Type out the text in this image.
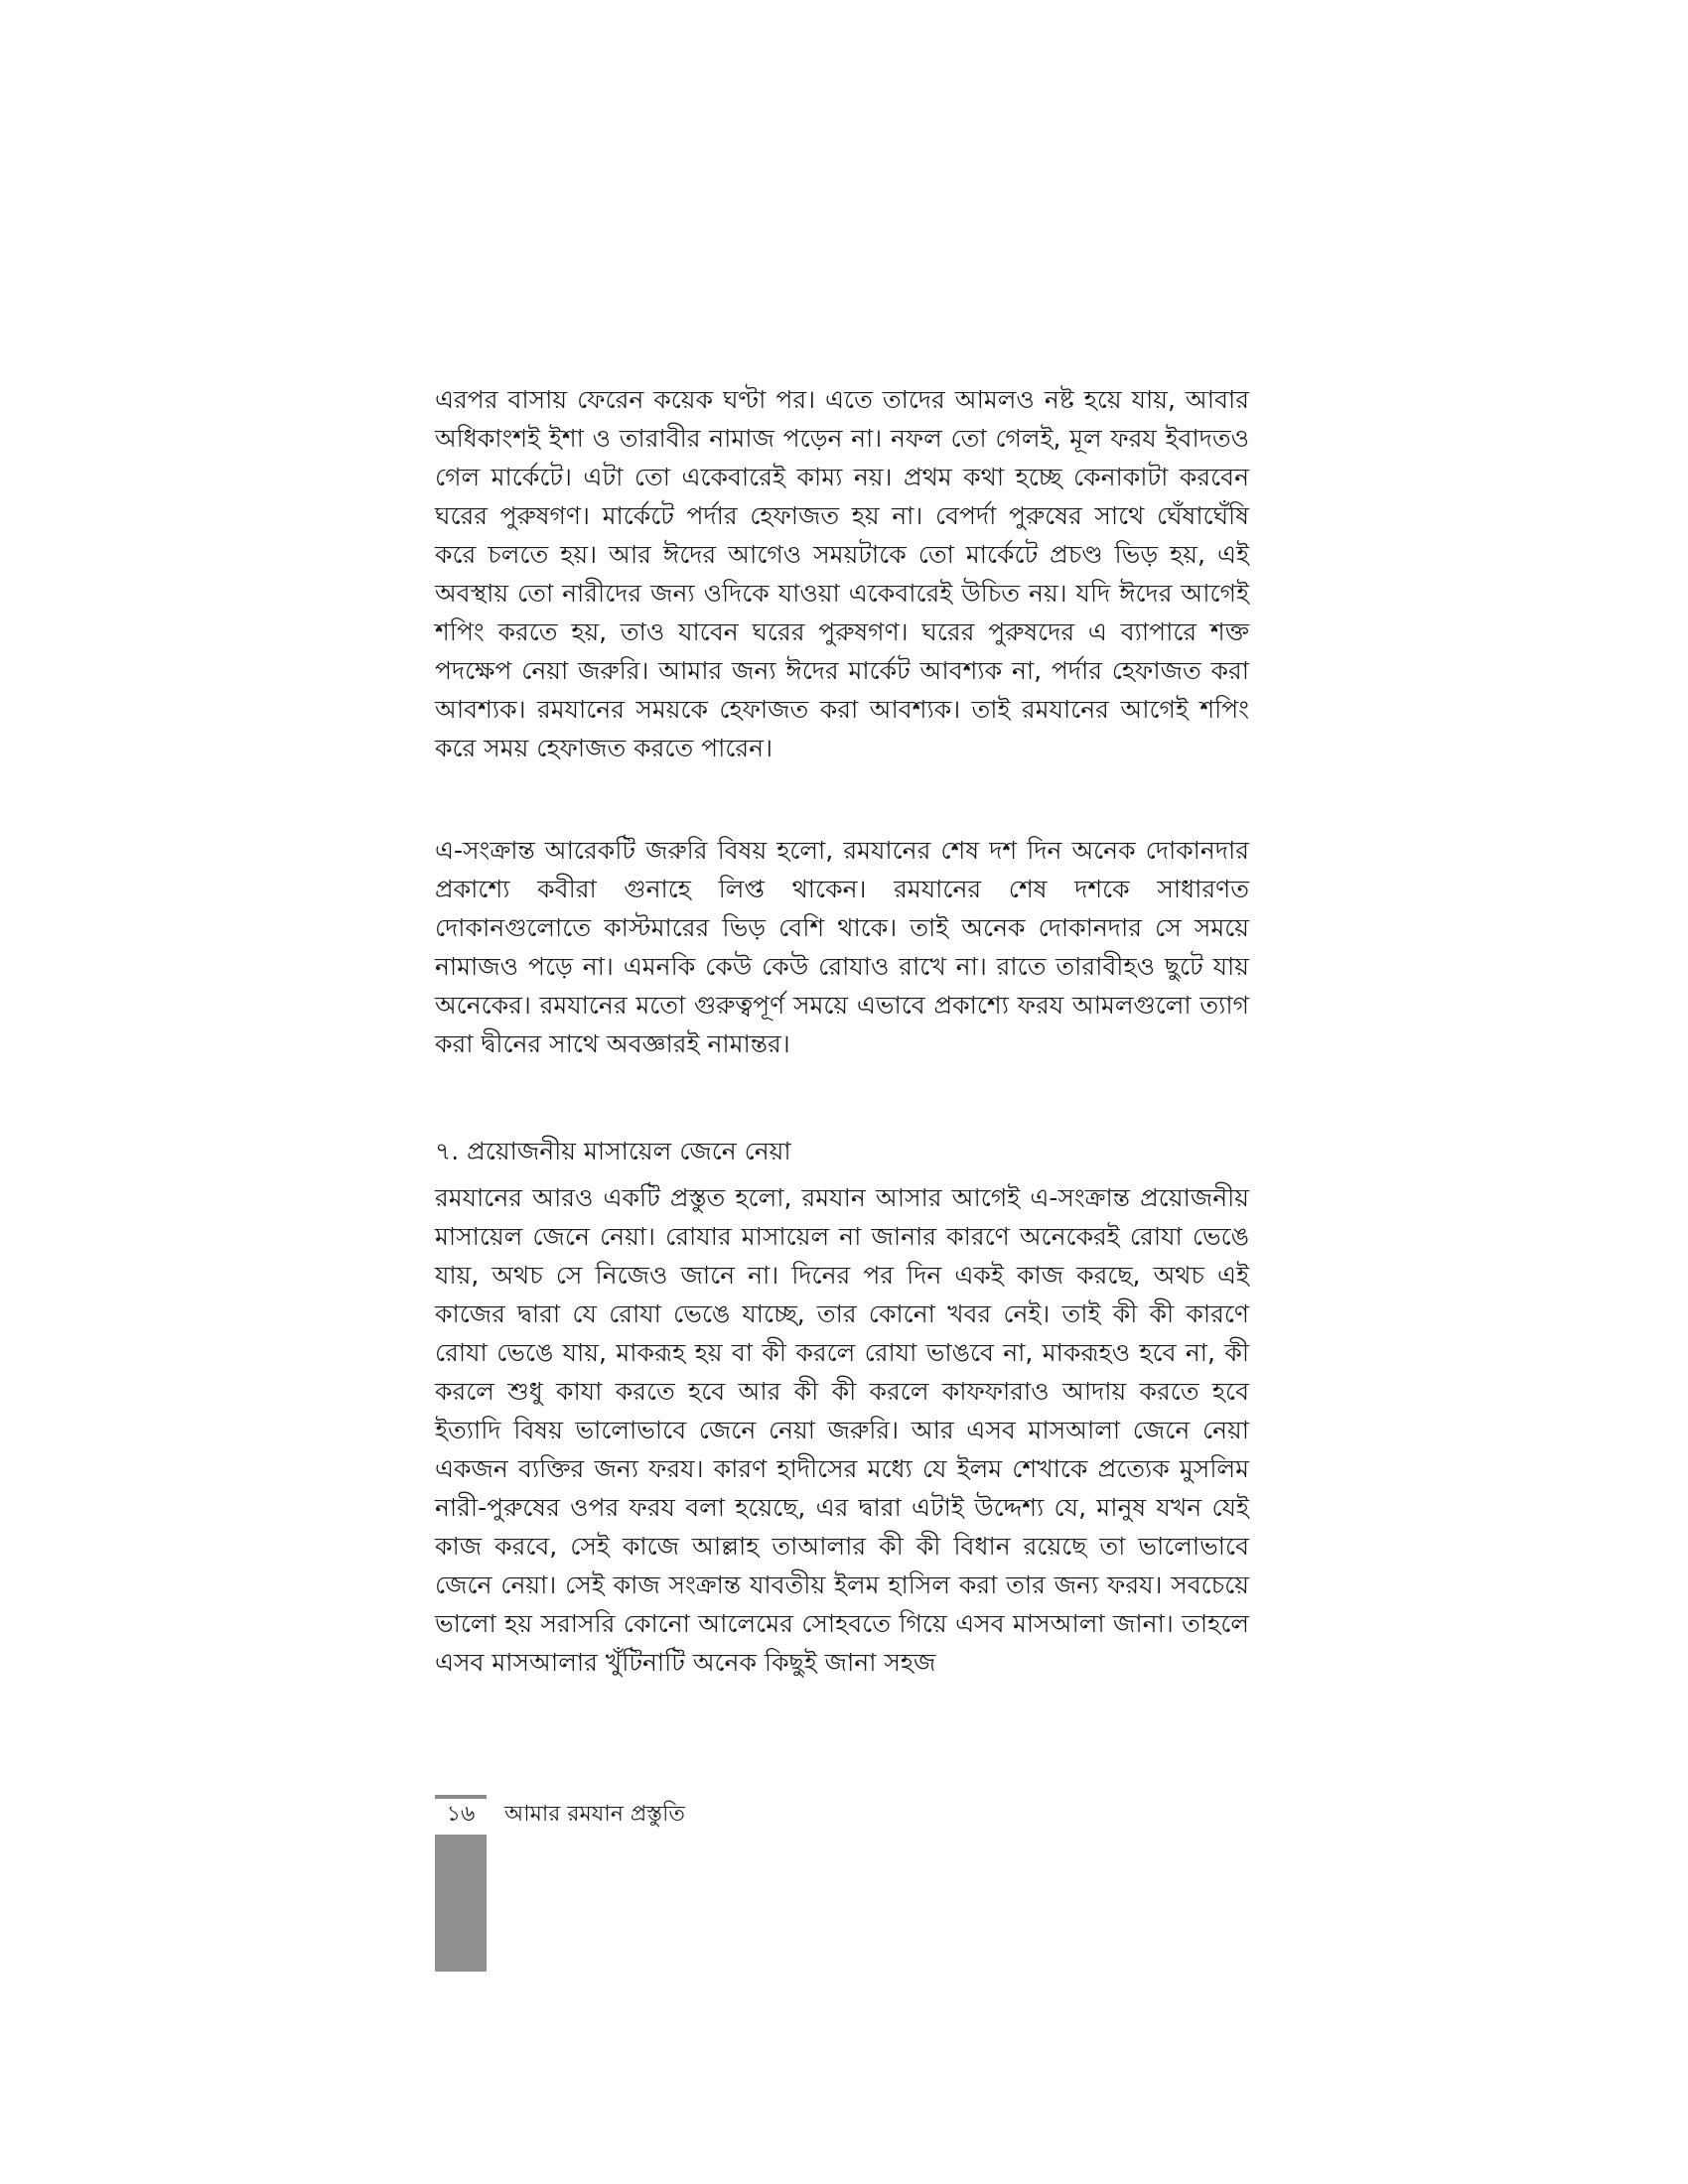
এরপর বাসায় ফেরেন কয়েক ঘণ্টা পর। এতে তাদের আমলও নষ্ট হয়ে যায়, আবার অধিকাংশই ইশা ও তারাবীর নামাজ পড়েন না। নফল তো গেলই, মূল ফরয ইবাদতও গেল মার্কেটে। এটা তো একেবারেই কাম্য নয়। প্রথম কথা হচ্ছে কেনাকাটা করবেন ঘরের পুরুষগণ। মার্কেটে পর্দার হেফাজত হয় না। বেপর্দা পুরুষের সাথে ঘেঁষাঘেঁষি করে চলতে হয়। আর ঈদের আগেও সময়টাকে তো মার্কেটে প্রচণ্ড ভিড় হয়, এই অবস্থায় তো নারীদের জন্য ওদিকে যাওয়া একেবারেই উচিত নয়। যদি ঈদের আগেই শপিং করতে হয়, তাও যাবেন ঘরের পুরুষগণ। ঘরের পুরুষদের এ ব্যাপারে শক্ত পদক্ষেপ নেয়া জরুরি। আমার জন্য ঈদের মার্কেট আবশ্যক না, পর্দার হেফাজত করা আবশ্যক। রমযানের সময়কে হেফাজত করা আবশ্যক। তাই রমযানের আগেই শপিং করে সময় হেফাজত করতে পারেন।

এ-সংক্রান্ত আরেকটি জরুরি বিষয় হলো, রমযানের শেষ দশ দিন অনেক দোকানদার প্রকাশ্যে কবীরা গুনাহে লিপ্ত থাকেন। রমযানের শেষ দশকে সাধারণত দোকানগুলোতে কাস্টমারের ভিড় বেশি থাকে। তাই অনেক দোকানদার সে সময়ে নামাজও পড়ে না। এমনকি কেউ কেউ রোযাও রাখে না। রাতে তারাবীহও ছুটে যায় অনেকের। রমযানের মতো গুরুত্বপূর্ণ সময়ে এভাবে প্রকাশ্যে ফরয আমলগুলো ত্যাগ করা দ্বীনের সাথে অবজ্ঞারই নামান্তর।

৭. প্রয়োজনীয় মাসায়েল জেনে নেয়া

রমযানের আরও একটি প্রস্তুত হলো, রমযান আসার আগেই এ-সংক্রান্ত প্রয়োজনীয় মাসায়েল জেনে নেয়া। রোযার মাসায়েল না জানার কারণে অনেকেরই রোযা ভেঙে যায়, অথচ সে নিজেও জানে না। দিনের পর দিন একই কাজ করছে, অথচ এই কাজের দ্বারা যে রোযা ভেঙে যাচ্ছে, তার কোনো খবর নেই। তাই কী কী কারণে রোযা ভেঙে যায়, মাকরূহ হয় বা কী করলে রোযা ভাঙবে না, মাকরূহও হবে না, কী করলে শুধু কাযা করতে হবে আর কী কী করলে কাফফারাও আদায় করতে হবে ইত্যাদি বিষয় ভালোভাবে জেনে নেয়া জরুরি। আর এসব মাসআলা জেনে নেয়া একজন ব্যক্তির জন্য ফরয। কারণ হাদীসের মধ্যে যে ইলম শেখাকে প্রত্যেক মুসলিম নারী-পুরুষের ওপর ফরয বলা হয়েছে, এর দ্বারা এটাই উদ্দেশ্য যে, মানুষ যখন যেই কাজ করবে, সেই কাজে আল্লাহ তাআলার কী কী বিধান রয়েছে তা ভালোভাবে জেনে নেয়া। সেই কাজ সংক্রান্ত যাবতীয় ইলম হাসিল করা তার জন্য ফরয। সবচেয়ে ভালো হয় সরাসরি কোনো আলেমের সোহবতে গিয়ে এসব মাসআলা জানা। তাহলে এসব মাসআলার খুঁটিনাটি অনেক কিছুই জানা সহজ

১৬ আমার রমযান প্রস্তুতি
